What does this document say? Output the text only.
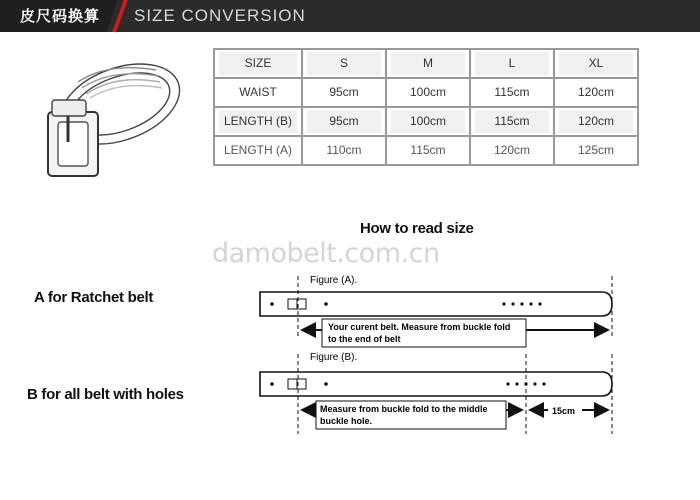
皮尺码换算	SIZE CONVERSION
SIZE	S	M	L	XL

WAIST	95cm	100cm	115cm	120cm

LENGTH (B)	95cm	100cm	115cm	120cm

LENGTH (A)	110cm	115cm	120cm	125cm
How to read size
damobelt.com.cn
A for Ratchet belt
B for all belt with holes
Figure (A).
Your curent belt. Measure from buckle fold
to the end of belt
Figure (B).
Measure from buckle fold to the middle
buckle hole.
15cm
